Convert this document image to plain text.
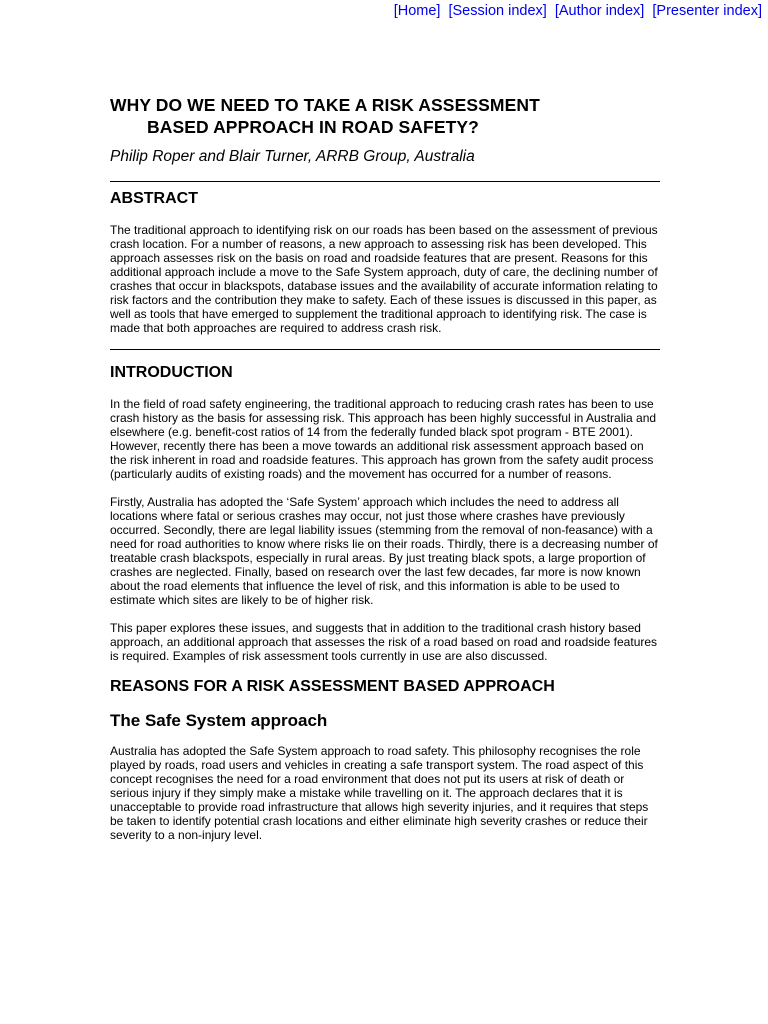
[Home] [Session index] [Author index] [Presenter index]
WHY DO WE NEED TO TAKE A RISK ASSESSMENT
BASED APPROACH IN ROAD SAFETY?
Philip Roper and Blair Turner, ARRB Group, Australia
ABSTRACT

The traditional approach to identifying risk on our roads has been based on the assessment of previous crash location. For a number of reasons, a new approach to assessing risk has been developed. This approach assesses risk on the basis on road and roadside features that are present. Reasons for this additional approach include a move to the Safe System approach, duty of care, the declining number of crashes that occur in blackspots, database issues and the availability of accurate information relating to risk factors and the contribution they make to safety. Each of these issues is discussed in this paper, as well as tools that have emerged to supplement the traditional approach to identifying risk. The case is made that both approaches are required to address crash risk.

INTRODUCTION

In the field of road safety engineering, the traditional approach to reducing crash rates has been to use crash history as the basis for assessing risk. This approach has been highly successful in Australia and elsewhere (e.g. benefit-cost ratios of 14 from the federally funded black spot program - BTE 2001). However, recently there has been a move towards an additional risk assessment approach based on the risk inherent in road and roadside features. This approach has grown from the safety audit process (particularly audits of existing roads) and the movement has occurred for a number of reasons.

Firstly, Australia has adopted the ‘Safe System’ approach which includes the need to address all locations where fatal or serious crashes may occur, not just those where crashes have previously occurred. Secondly, there are legal liability issues (stemming from the removal of non-feasance) with a need for road authorities to know where risks lie on their roads. Thirdly, there is a decreasing number of treatable crash blackspots, especially in rural areas. By just treating black spots, a large proportion of crashes are neglected. Finally, based on research over the last few decades, far more is now known about the road elements that influence the level of risk, and this information is able to be used to estimate which sites are likely to be of higher risk.

This paper explores these issues, and suggests that in addition to the traditional crash history based approach, an additional approach that assesses the risk of a road based on road and roadside features is required. Examples of risk assessment tools currently in use are also discussed.

REASONS FOR A RISK ASSESSMENT BASED APPROACH
The Safe System approach

Australia has adopted the Safe System approach to road safety. This philosophy recognises the role played by roads, road users and vehicles in creating a safe transport system. The road aspect of this concept recognises the need for a road environment that does not put its users at risk of death or serious injury if they simply make a mistake while travelling on it. The approach declares that it is unacceptable to provide road infrastructure that allows high severity injuries, and it requires that steps be taken to identify potential crash locations and either eliminate high severity crashes or reduce their severity to a non-injury level.
